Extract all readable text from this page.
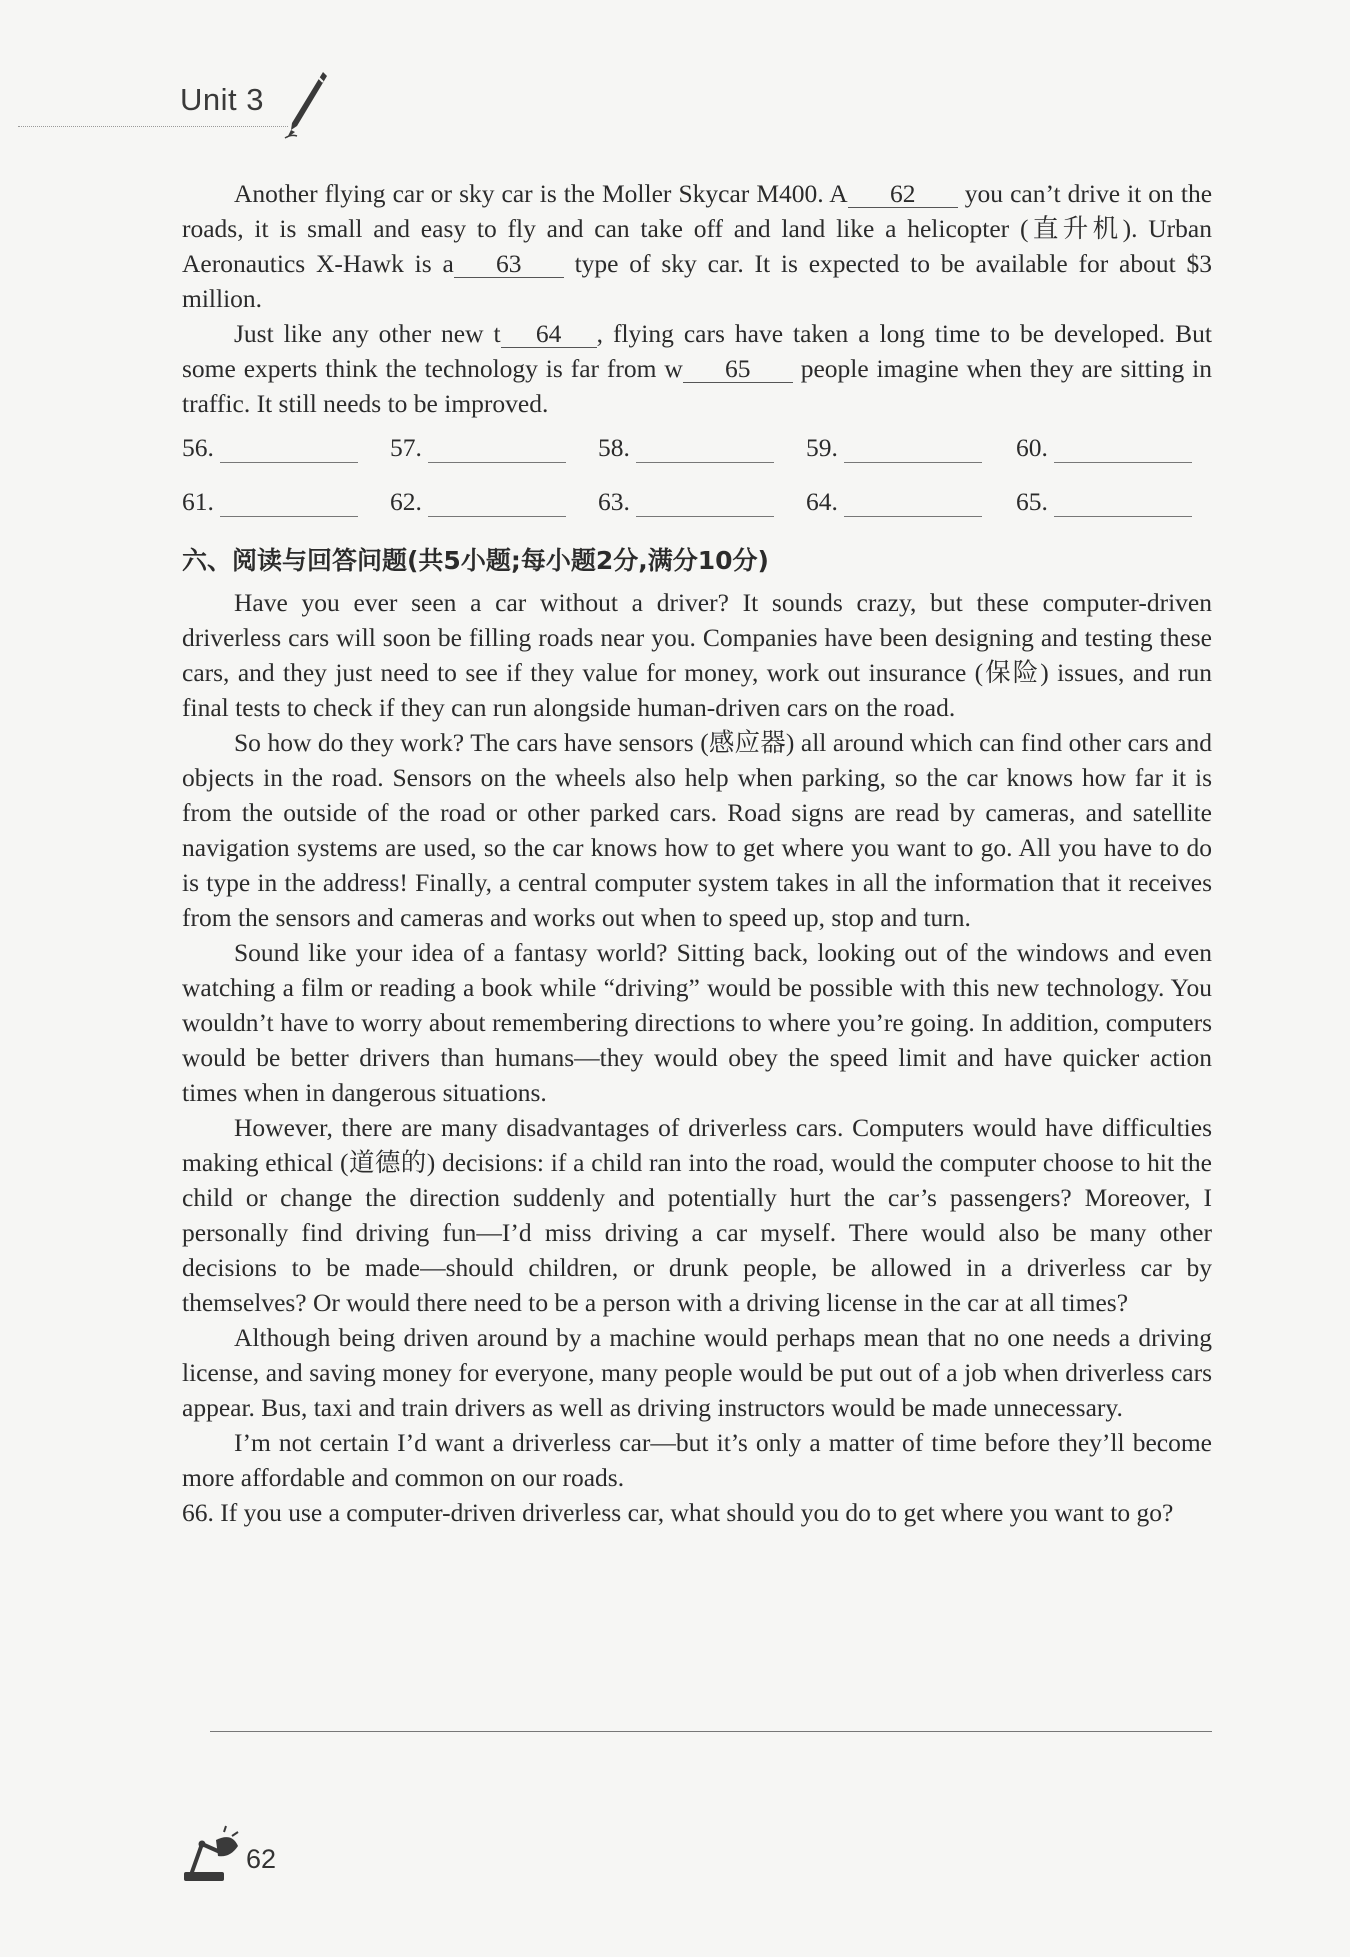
Unit 3

Another flying car or sky car is the Moller Skycar M400. A 62 you can’t drive it on the roads, it is small and easy to fly and can take off and land like a helicopter (直升机). Urban Aeronautics X-Hawk is a 63 type of sky car. It is expected to be available for about $3 million.

Just like any other new t 64 , flying cars have taken a long time to be developed. But some experts think the technology is far from w 65 people imagine when they are sitting in traffic. It still needs to be improved.

56.	57.	58.	59.	60.
61.	62.	63.	64.	65.
六、阅读与回答问题(共5小题;每小题2分,满分10分)

Have you ever seen a car without a driver? It sounds crazy, but these computer-driven driverless cars will soon be filling roads near you. Companies have been designing and testing these cars, and they just need to see if they value for money, work out insurance (保险) issues, and run final tests to check if they can run alongside human-driven cars on the road.

So how do they work? The cars have sensors (感应器) all around which can find other cars and objects in the road. Sensors on the wheels also help when parking, so the car knows how far it is from the outside of the road or other parked cars. Road signs are read by cameras, and satellite navigation systems are used, so the car knows how to get where you want to go. All you have to do is type in the address! Finally, a central computer system takes in all the information that it receives from the sensors and cameras and works out when to speed up, stop and turn.

Sound like your idea of a fantasy world? Sitting back, looking out of the windows and even watching a film or reading a book while “driving” would be possible with this new technology. You wouldn’t have to worry about remembering directions to where you’re going. In addition, computers would be better drivers than humans—they would obey the speed limit and have quicker action times when in dangerous situations.

However, there are many disadvantages of driverless cars. Computers would have difficulties making ethical (道德的) decisions: if a child ran into the road, would the computer choose to hit the child or change the direction suddenly and potentially hurt the car’s passengers? Moreover, I personally find driving fun—I’d miss driving a car myself. There would also be many other decisions to be made—should children, or drunk people, be allowed in a driverless car by themselves? Or would there need to be a person with a driving license in the car at all times?

Although being driven around by a machine would perhaps mean that no one needs a driving license, and saving money for everyone, many people would be put out of a job when driverless cars appear. Bus, taxi and train drivers as well as driving instructors would be made unnecessary.

I’m not certain I’d want a driverless car—but it’s only a matter of time before they’ll become more affordable and common on our roads.

66. If you use a computer-driven driverless car, what should you do to get where you want to go?

62
